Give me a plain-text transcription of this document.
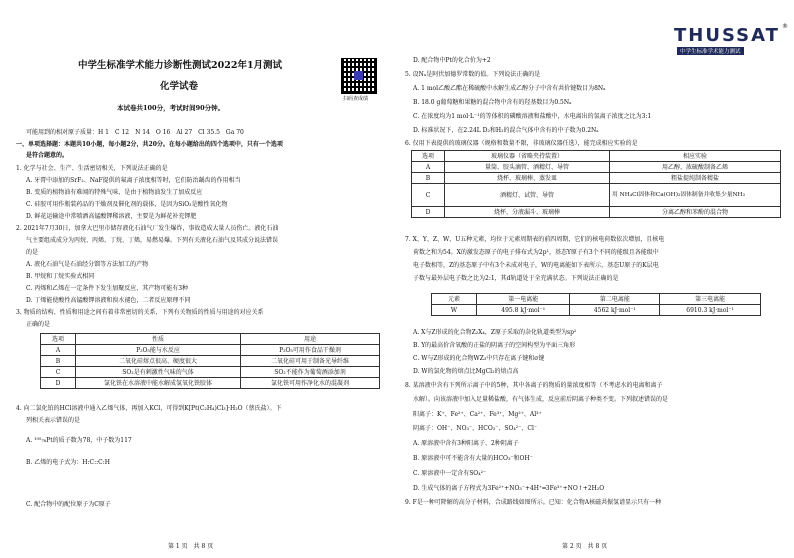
中学生标准学术能力诊断性测试2022年1月测试
化学试卷
本试卷共100分，考试时间90分钟。
扫码查成绩
可能用到的相对原子质量：H 1　C 12　N 14　O 16　Al 27　Cl 35.5　Ga 70
一、单项选择题：本题共10小题，每小题2分，共20分。在每小题给出的四个选项中，只有一个选项
是符合题意的。
1. 化学与社会、生产、生活密切相关，下列说法正确的是
A. 牙膏中添加的SrF₂、NaF提供的氟离子浓度相等时，它们防治龋齿的作用相当
B. 变质的植物油有难闻的特殊气味，是由于植物油发生了加成反应
C. 硅胶可用作瓶装药品的干燥剂及催化剂的载体，是因为SiO₂是酸性氧化物
D. 鲜花运输途中常喷洒高锰酸钾稀溶液，主要是为鲜花补充钾肥
2. 2021年7月30日，加拿大巴里市储存液化石油气厂发生爆炸，事故造成大量人员伤亡。液化石油
气主要组成成分为丙烷、丙烯、丁烷、丁烯，易燃易爆。下列有关液化石油气及其成分说法错误
的是
A. 液化石油气是石油经分馏等方法加工的产物
B. 甲烷和丁烷实验式相同
C. 丙烯和乙烯在一定条件下发生加聚反应，其产物可能有3种
D. 丁烯能使酸性高锰酸钾溶液和溴水褪色，二者反应原理不同
3. 物质的结构、性质和用途之间有着非常密切的关系，下列有关物质的性质与用途的对应关系
正确的是
选项	性质	用途
A	P₂O₅能与水反应	P₂O₅可用作食品干燥剂
B	二氧化硅熔点很高、硬度很大	二氧化硅可用于制备光导纤维
C	SO₂是有刺激性气味的气体	SO₂不能作为葡萄酒添加剂
D	氯化铁在水溶液中能水解成氢氧化铁胶体	氯化铁可用作净化水的混凝剂
4. 向二氯化铂的HCl溶液中通入乙烯气体，再加入KCl，可得到K[Pt(C₂H₄)Cl₃]·H₂O（蔡氏盐）。下
列相关表示错误的是
A. ¹⁹⁵₇₈Pt的质子数为78，中子数为117
B. 乙烯的电子式为：H:C::C:H
C. 配合物中的配位原子为C原子
第 1 页　共 8 页
THUSSAT ®
中学生标准学术能力测试
D. 配合物中Pt的化合价为+2
5. 设Nₐ是阿伏加德罗常数的值。下列说法正确的是
A. 1 mol乙酸乙酯在稀硫酸中水解生成乙醇分子中含有共价键数目为8Nₐ
B. 18.0 g葡萄糖和果糖的混合物中含有的羟基数目为0.5Nₐ
C. 在浓度均为1 mol·L⁻¹的等体积的磷酸溶液和盐酸中，水电离出的氢离子浓度之比为3:1
D. 标准状况下，在2.24L D₂和H₂的混合气体中含有的中子数为0.2Nₐ
6. 仅用下表提供的玻璃仪器（规格和数量不限，非玻璃仪器任选），能完成相应实验的是
选项	玻璃仪器（省略夹持装置）	相应实验
A	量筒、胶头滴管、酒精灯、导管	用乙醇、浓硫酸制备乙烯
B	烧杯、玻璃棒、蒸发皿	粗盐提纯制备精盐
C	酒精灯、试管、导管	用 NH₄Cl固体和Ca(OH)₂固体制备并收集少量NH₃
D	烧杯、分液漏斗、玻璃棒	分离乙醇和苯酚的混合物
7. X、Y、Z、W、U五种元素，均位于元素周期表的前四周期，它们的核电荷数依次增加，且核电
荷数之和为54。X的激发态原子的电子排布式为2p¹，基态Y原子有3个不同的能级且各能级中
电子数相等，Z的基态原子中有3个未成对电子，W的电离能如下表所示，基态U原子的K层电
子数与最外层电子数之比为2:1，其d轨道处于全充满状态。下列说法正确的是
元素	第一电离能	第二电离能	第三电离能
W	495.8 kJ·mol⁻¹	4562 kJ·mol⁻¹	6910.3 kJ·mol⁻¹
A. X与Z形成的化合物Z₂X₄，Z原子采取的杂化轨道类型为sp²
B. Y的最高价含氧酸的正盐的阴离子的空间构型为平面三角形
C. W与Z形成的化合物WZ₃中只存在离子键和σ键
D. W的氯化物的熔点比MgCl₂的熔点高
8. 某溶液中含有下列所示离子中的5种，其中各离子的物质的量浓度相等（不考虑水的电离和离子
水解）。向该溶液中加入足量稀盐酸，有气体生成，反应前后阴离子种类不变。下列叙述错误的是
阳离子：K⁺、Fe²⁺、Ca²⁺、Fe³⁺、Mg²⁺、Al³⁺
阴离子：OH⁻、NO₃⁻、HCO₃⁻、SO₄²⁻、Cl⁻
A. 原溶液中含有3种阳离子、2种阴离子
B. 原溶液中可不能含有大量的HCO₃⁻和OH⁻
C. 原溶液中一定含有SO₄²⁻
D. 生成气体的离子方程式为3Fe²⁺+NO₃⁻+4H⁺═3Fe³⁺+NO↑+2H₂O
9. F是一种可降解的高分子材料，合成路线如图所示。已知：化合物A核磁共振氢谱显示只有一种
第 2 页　共 8 页
